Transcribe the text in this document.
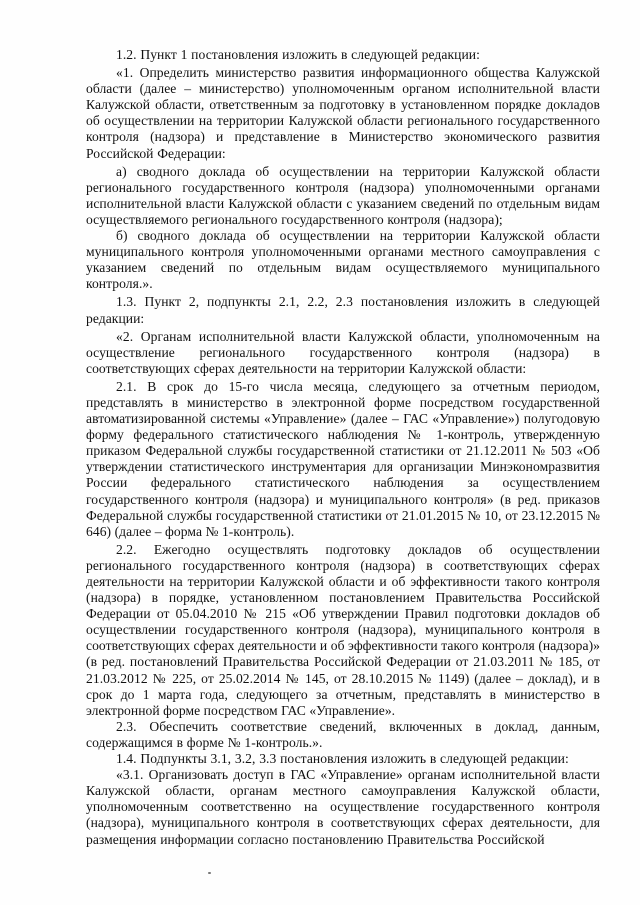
1.2. Пункт 1 постановления изложить в следующей редакции:

«1. Определить министерство развития информационного общества Калужской области (далее – министерство) уполномоченным органом исполнительной власти Калужской области, ответственным за подготовку в установленном порядке докладов об осуществлении на территории Калужской области регионального государственного контроля (надзора) и представление в Министерство экономического развития Российской Федерации:

а) сводного доклада об осуществлении на территории Калужской области регионального государственного контроля (надзора) уполномоченными органами исполнительной власти Калужской области с указанием сведений по отдельным видам осуществляемого регионального государственного контроля (надзора);

б) сводного доклада об осуществлении на территории Калужской области муниципального контроля уполномоченными органами местного самоуправления с указанием сведений по отдельным видам осуществляемого муниципального контроля.».

1.3. Пункт 2, подпункты 2.1, 2.2, 2.3 постановления изложить в следующей редакции:

«2. Органам исполнительной власти Калужской области, уполномоченным на осуществление регионального государственного контроля (надзора) в соответствующих сферах деятельности на территории Калужской области:

2.1. В срок до 15-го числа месяца, следующего за отчетным периодом, представлять в министерство в электронной форме посредством государственной автоматизированной системы «Управление» (далее – ГАС «Управление») полугодовую форму федерального статистического наблюдения № 1-контроль, утвержденную приказом Федеральной службы государственной статистики от 21.12.2011 № 503 «Об утверждении статистического инструментария для организации Минэкономразвития России федерального статистического наблюдения за осуществлением государственного контроля (надзора) и муниципального контроля» (в ред. приказов Федеральной службы государственной статистики от 21.01.2015 № 10, от 23.12.2015 № 646) (далее – форма № 1-контроль).

2.2. Ежегодно осуществлять подготовку докладов об осуществлении регионального государственного контроля (надзора) в соответствующих сферах деятельности на территории Калужской области и об эффективности такого контроля (надзора) в порядке, установленном постановлением Правительства Российской Федерации от 05.04.2010 № 215 «Об утверждении Правил подготовки докладов об осуществлении государственного контроля (надзора), муниципального контроля в соответствующих сферах деятельности и об эффективности такого контроля (надзора)» (в ред. постановлений Правительства Российской Федерации от 21.03.2011 № 185, от 21.03.2012 № 225, от 25.02.2014 № 145, от 28.10.2015 № 1149) (далее – доклад), и в срок до 1 марта года, следующего за отчетным, представлять в министерство в электронной форме посредством ГАС «Управление».

2.3. Обеспечить соответствие сведений, включенных в доклад, данным, содержащимся в форме № 1-контроль.».

1.4. Подпункты 3.1, 3.2, 3.3 постановления изложить в следующей редакции:

«3.1. Организовать доступ в ГАС «Управление» органам исполнительной власти Калужской области, органам местного самоуправления Калужской области, уполномоченным соответственно на осуществление государственного контроля (надзора), муниципального контроля в соответствующих сферах деятельности, для размещения информации согласно постановлению Правительства Российской
